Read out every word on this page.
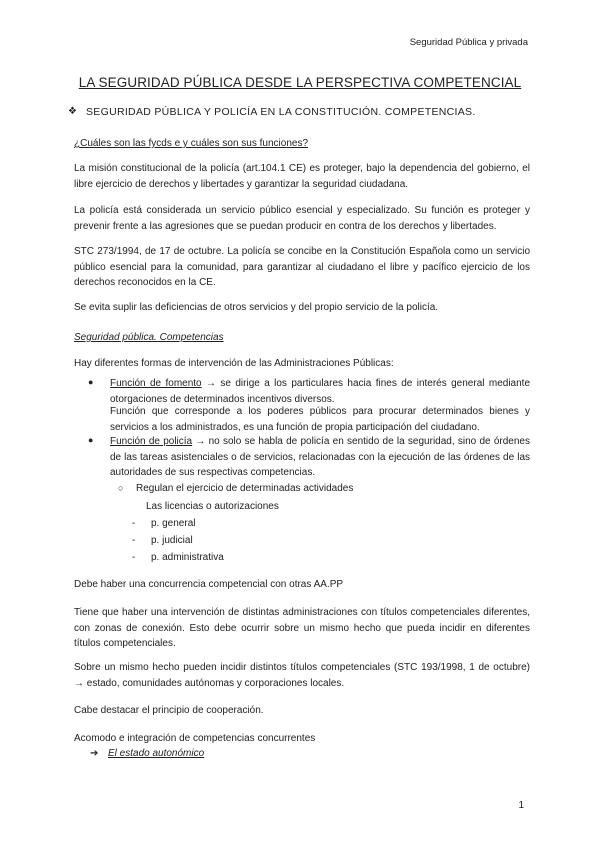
Seguridad Pública y privada
LA SEGURIDAD PÚBLICA DESDE LA PERSPECTIVA COMPETENCIAL
❖ SEGURIDAD PÚBLICA Y POLICÍA EN LA CONSTITUCIÓN. COMPETENCIAS.
¿Cuáles son las fycds e y cuáles son sus funciones?
La misión constitucional de la policía (art.104.1 CE) es proteger, bajo la dependencia del gobierno, el libre ejercicio de derechos y libertades y garantizar la seguridad ciudadana.
La policía está considerada un servicio público esencial y especializado. Su función es proteger y prevenir frente a las agresiones que se puedan producir en contra de los derechos y libertades.
STC 273/1994, de 17 de octubre. La policía se concibe en la Constitución Española como un servicio público esencial para la comunidad, para garantizar al ciudadano el libre y pacífico ejercicio de los derechos reconocidos en la CE.
Se evita suplir las deficiencias de otros servicios y del propio servicio de la policía.
Seguridad pública. Competencias
Hay diferentes formas de intervención de las Administraciones Públicas:
● Función de fomento → se dirige a los particulares hacia fines de interés general mediante otorgaciones de determinados incentivos diversos.
Función que corresponde a los poderes públicos para procurar determinados bienes y servicios a los administrados, es una función de propia participación del ciudadano.
● Función de policía → no solo se habla de policía en sentido de la seguridad, sino de órdenes de las tareas asistenciales o de servicios, relacionadas con la ejecución de las órdenes de las autoridades de sus respectivas competencias.
○ Regulan el ejercicio de determinadas actividades
Las licencias o autorizaciones
- p. general
- p. judicial
- p. administrativa
Debe haber una concurrencia competencial con otras AA.PP
Tiene que haber una intervención de distintas administraciones con títulos competenciales diferentes, con zonas de conexión. Esto debe ocurrir sobre un mismo hecho que pueda incidir en diferentes títulos competenciales.
Sobre un mismo hecho pueden incidir distintos títulos competenciales (STC 193/1998, 1 de octubre) → estado, comunidades autónomas y corporaciones locales.
Cabe destacar el principio de cooperación.
Acomodo e integración de competencias concurrentes
➔ El estado autonómico
1
